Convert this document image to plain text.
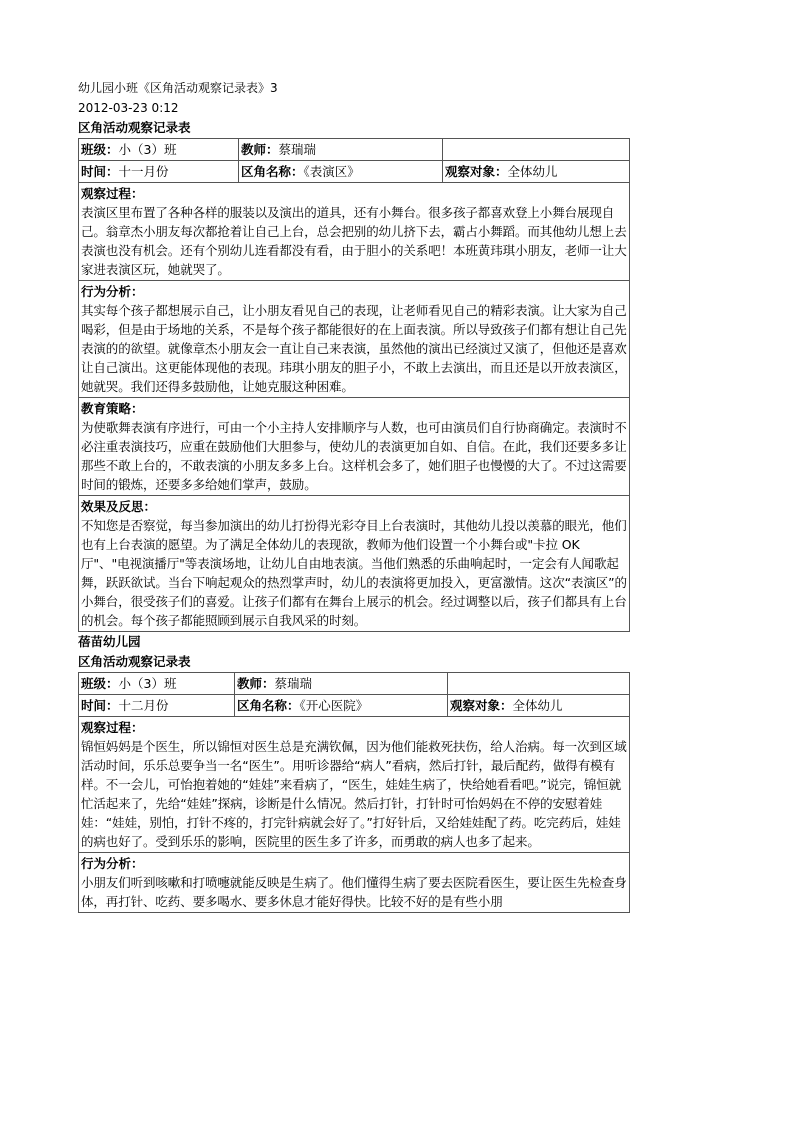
幼儿园小班《区角活动观察记录表》3
2012-03-23 0:12
区角活动观察记录表
班级：小（3）班	教师：蔡瑞瑞	
时间：十一月份	区角名称：《表演区》	观察对象：全体幼儿

观察过程：
表演区里布置了各种各样的服装以及演出的道具，还有小舞台。很多孩子都喜欢登上小舞台展现自己。翁章杰小朋友每次都抢着让自己上台，总会把别的幼儿挤下去，霸占小舞蹈。而其他幼儿想上去表演也没有机会。还有个别幼儿连看都没有看，由于胆小的关系吧！本班黄玮琪小朋友，老师一让大家进表演区玩，她就哭了。		

行为分析：
其实每个孩子都想展示自己，让小朋友看见自己的表现，让老师看见自己的精彩表演。让大家为自己喝彩，但是由于场地的关系，不是每个孩子都能很好的在上面表演。所以导致孩子们都有想让自己先表演的的欲望。就像章杰小朋友会一直让自己来表演，虽然他的演出已经演过又演了，但他还是喜欢让自己演出。这更能体现他的表现。玮琪小朋友的胆子小，不敢上去演出，而且还是以开放表演区，她就哭。我们还得多鼓励他，让她克服这种困难。		

教育策略：
为使歌舞表演有序进行，可由一个小主持人安排顺序与人数，也可由演员们自行协商确定。表演时不必注重表演技巧，应重在鼓励他们大胆参与，使幼儿的表演更加自如、自信。在此，我们还要多多让那些不敢上台的，不敢表演的小朋友多多上台。这样机会多了，她们胆子也慢慢的大了。不过这需要时间的锻炼，还要多多给她们掌声，鼓励。		

效果及反思：
不知您是否察觉，每当参加演出的幼儿打扮得光彩夺目上台表演时，其他幼儿投以羡慕的眼光，他们也有上台表演的愿望。为了满足全体幼儿的表现欲，教师为他们设置一个小舞台或"卡拉 OK厅"、"电视演播厅"等表演场地，让幼儿自由地表演。当他们熟悉的乐曲响起时，一定会有人闻歌起舞，跃跃欲试。当台下响起观众的热烈掌声时，幼儿的表演将更加投入，更富激情。这次“表演区”的小舞台，很受孩子们的喜爱。让孩子们都有在舞台上展示的机会。经过调整以后，孩子们都具有上台的机会。每个孩子都能照顾到展示自我风采的时刻。		
蓓苗幼儿园
区角活动观察记录表
班级：小（3）班	教师：蔡瑞瑞	
时间：十二月份	区角名称：《开心医院》	观察对象：全体幼儿

观察过程：
锦恒妈妈是个医生，所以锦恒对医生总是充满钦佩，因为他们能救死扶伤，给人治病。每一次到区域活动时间，乐乐总要争当一名“医生”。用听诊器给“病人”看病，然后打针，最后配药，做得有模有样。不一会儿，可怡抱着她的“娃娃”来看病了，“医生，娃娃生病了，快给她看看吧。”说完，锦恒就忙活起来了，先给“娃娃”探病，诊断是什么情况。然后打针，打针时可怡妈妈在不停的安慰着娃娃：“娃娃，别怕，打针不疼的，打完针病就会好了。”打好针后，又给娃娃配了药。吃完药后，娃娃的病也好了。受到乐乐的影响，医院里的医生多了许多，而勇敢的病人也多了起来。		

行为分析：
小朋友们听到咳嗽和打喷嚏就能反映是生病了。他们懂得生病了要去医院看医生，要让医生先检查身体，再打针、吃药、要多喝水、要多休息才能好得快。比较不好的是有些小朋		
